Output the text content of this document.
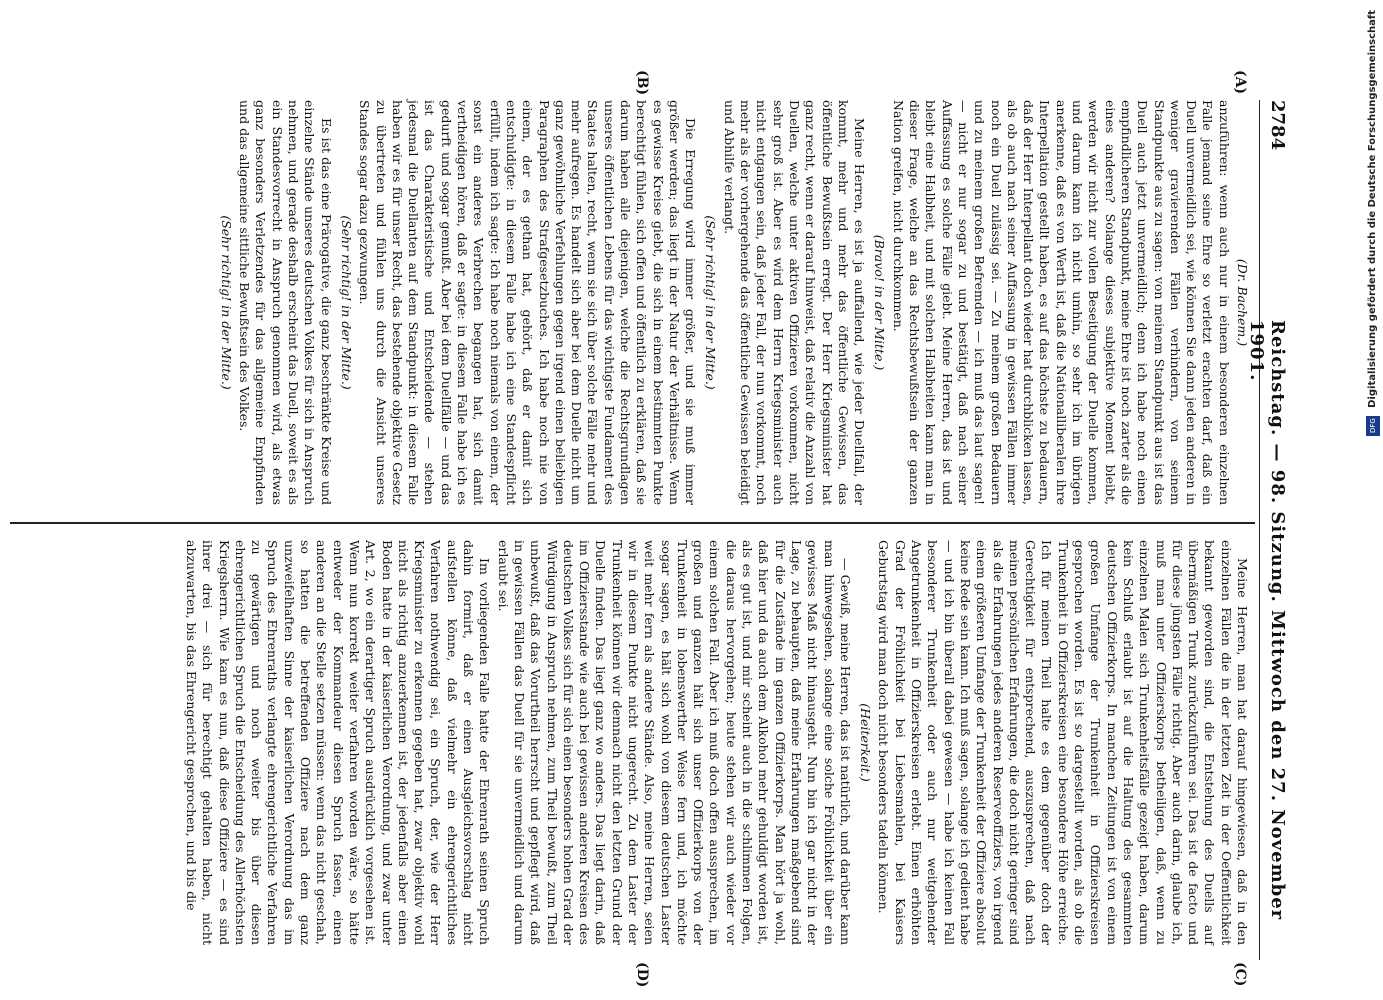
2784
Reichstag. — 98. Sitzung. Mittwoch den 27. November 1901.
(A)
(B)
(C)
(D)
(Dr. Bachem.)

anzuführen: wenn auch nur in einem besonderen einzelnen Falle jemand seine Ehre so verletzt erachten darf, daß ein Duell unvermeidlich sei, wie können Sie dann jeden anderen in weniger gravierenden Fällen verhindern, von seinem Standpunkte aus zu sagen: von meinem Standpunkt aus ist das Duell auch jetzt unvermeidlich; denn ich habe noch einen empfindlicheren Standpunkt, meine Ehre ist noch zarter als die eines anderen? Solange dieses subjektive Moment bleibt, werden wir nicht zur vollen Beseitigung der Duelle kommen, und darum kann ich nicht umhin, so sehr ich im übrigen anerkenne, daß es von Werth ist, daß die Nationalliberalen ihre Interpellation gestellt haben, es auf das höchste zu bedauern, daß der Herr Interpellant doch wieder hat durchblicken lassen, als ob auch nach seiner Auffassung in gewissen Fällen immer noch ein Duell zulässig sei. — Zu meinem großen Bedauern und zu meinem großen Befremden — ich muß das laut sagen! — nicht er nur sogar zu und bestätigt, daß nach seiner Auffassung es solche Fälle giebt. Meine Herren, das ist und bleibt eine Halbheit, und mit solchen Halbheiten kann man in dieser Frage, welche an das Rechtsbewußtsein der ganzen Nation greifen, nicht durchkommen.

(Bravo! in der Mitte.)

Meine Herren, es ist ja auffallend, wie jeder Duellfall, der kommt, mehr und mehr das öffentliche Gewissen, das öffentliche Bewußtsein erregt. Der Herr Kriegsminister hat ganz recht, wenn er darauf hinweist, daß relativ die Anzahl von Duellen, welche unter aktiven Offizieren vorkommen, nicht sehr groß ist. Aber es wird dem Herrn Kriegsminister auch nicht entgangen sein, daß jeder Fall, der nun vorkommt, noch mehr als der vorhergehende das öffentliche Gewissen beleidigt und Abhilfe verlangt.

(Sehr richtig! in der Mitte.)

Die Erregung wird immer größer, und sie muß immer größer werden; das liegt in der Natur der Verhältnisse. Wenn es gewisse Kreise giebt, die sich in einem bestimmten Punkte berechtigt fühlen, sich offen und öffentlich zu erklären, daß sie darum haben alle diejenigen, welche die Rechtsgrundlagen unseres öffentlichen Lebens für das wichtigste Fundament des Staates halten, recht, wenn sie sich über solche Fälle mehr und mehr aufregen. Es handelt sich aber bei dem Duelle nicht um ganz gewöhnliche Verfehlungen gegen irgend einen beliebigen Paragraphen des Strafgesetzbuches. Ich habe noch nie von einem, der es gethan hat, gehört, daß er damit sich entschuldigte: in diesem Falle habe ich eine Standespflicht erfüllt, indem ich sagte: Ich habe noch niemals von einem, der sonst ein anderes Verbrechen begangen hat, sich damit vertheidigen hören, daß er sagte: in diesem Falle habe ich es gedurft und sogar gemußt. Aber bei dem Duellfälle — und das ist das Charakteristische und Entscheidende — stehen jedesmal die Duellanten auf dem Standpunkt: in diesem Falle haben wir es für unser Recht, das bestehende objektive Gesetz zu übertreten und fühlen uns durch die Ansicht unseres Standes sogar dazu gezwungen.

(Sehr richtig! in der Mitte.)

Es ist das eine Prärogative, die ganz beschränkte Kreise und einzelne Stände unseres deutschen Volkes für sich in Anspruch nehmen, und gerade deshalb erscheint das Duell, soweit es als ein Standesvorrecht in Anspruch genommen wird, als etwas ganz besonders Verletzendes für das allgemeine Empfinden und das allgemeine sittliche Bewußtsein des Volkes.

(Sehr richtig! in der Mitte.)

Meine Herren, man hat darauf hingewiesen, daß in den einzelnen Fällen die in der letzten Zeit in der Oeffentlichkeit bekannt geworden sind, die Entstehung des Duells auf übermäßigen Trunk zurückzuführen sei. Das ist de facto und für diese jüngsten Fälle richtig. Aber auch darin, glaube ich, muß man unter Offizierskorps betheiligen, daß, wenn zu einzelnen Malen sich Trunkenheitsfälle gezeigt haben, darum kein Schluß erlaubt ist auf die Haltung des gesammten deutschen Offizierkorps. In manchen Zeitungen ist von einem großen Umfange der Trunkenheit in Offizierskreisen gesprochen worden. Es ist so dargestellt worden, als ob die Trunkenheit in Offizierskreisen eine besondere Höhe erreiche. Ich für meinen Theil halte es dem gegenüber doch der Gerechtigkeit für entsprechend, auszusprechen, daß nach meinen persönlichen Erfahrungen, die doch nicht geringer sind als die Erfahrungen jedes anderen Reserveoffiziers, von irgend einem größeren Umfange der Trunkenheit der Offiziere absolut keine Rede sein kann. Ich muß sagen, solange ich gedient habe — und ich bin überall dabei gewesen — habe ich keinen Fall besonderer Trunkenheit oder auch nur weitgehender Angetrunkenheit in Offizierskreisen erlebt. Einen erhöhten Grad der Fröhlichkeit bei Liebesmahlen, bei Kaisers Geburtstag wird man doch nicht besonders tadeln können.

(Heiterkeit.)

— Gewiß, meine Herren, das ist natürlich, und darüber kann man hinwegsehen, solange eine solche Fröhlichkeit über ein gewisses Maß nicht hinausgeht. Nun bin ich gar nicht in der Lage, zu behaupten, daß meine Erfahrungen maßgebend sind für die Zustände im ganzen Offizierkorps. Man hört ja wohl, daß hier und da auch dem Alkohol mehr gehuldigt worden ist, als es gut ist, und mir scheint auch in die schlimmen Folgen, die daraus hervorgehen; heute stehen wir auch wieder vor einem solchen Fall. Aber ich muß doch offen aussprechen, im großen und ganzen hält sich unser Offizierkorps von der Trunkenheit in lobenswerther Weise fern und, ich möchte sogar sagen, es hält sich wohl von diesem deutschen Laster weit mehr fern als andere Stände. Also, meine Herren, seien wir in diesem Punkte nicht ungerecht. Zu dem Laster der Trunkenheit können wir demnach nicht den letzten Grund der Duelle finden. Das liegt ganz wo anders. Das liegt darin, daß im Offiziersstande wie auch bei gewissen anderen Kreisen des deutschen Volkes sich für sich einen besonders hohen Grad der Würdigung in Anspruch nehmen, zum Theil bewußt, zum Theil unbewußt, daß das Vorurtheil herrscht und gepflegt wird, daß in gewissen Fällen das Duell für sie unvermeidlich und darum erlaubt sei.

Im vorliegenden Falle hatte der Ehrenrath seinen Spruch dahin formirt, daß er einen Ausgleichsvorschlag nicht aufstellen könne, daß vielmehr ein ehrengerichtliches Verfahren nothwendig sei, ein Spruch, der, wie der Herr Kriegsminister zu erkennen gegeben hat, zwar objektiv wohl nicht als richtig anzuerkennen ist, der jedenfalls aber einen Boden hatte in der kaiserlichen Verordnung, und zwar unter Art. 2, wo ein derartiger Spruch ausdrücklich vorgesehen ist. Wenn nun korrekt weiter verfahren worden wäre, so hätte entweder der Kommandeur diesen Spruch fassen, einen anderen an die Stelle setzen müssen: wenn das nicht geschah, so hatten die betreffenden Offiziere nach dem ganz unzweifelhaften Sinne der kaiserlichen Verordnung das im Spruch des Ehrenraths verlangte ehrengerichtliche Verfahren zu gewärtigen und noch weiter bis über diesen ehrengerichtlichen Spruch die Entscheidung des Allerhöchsten Kriegsherrn. Wie kam es nun, daß diese Offiziere — es sind ihrer drei — sich für berechtigt gehalten haben, nicht abzuwarten, bis das Ehrengericht gesprochen, und bis die

Digitalisierung gefördert durch die Deutsche Forschungsgemeinschaft
DFG
